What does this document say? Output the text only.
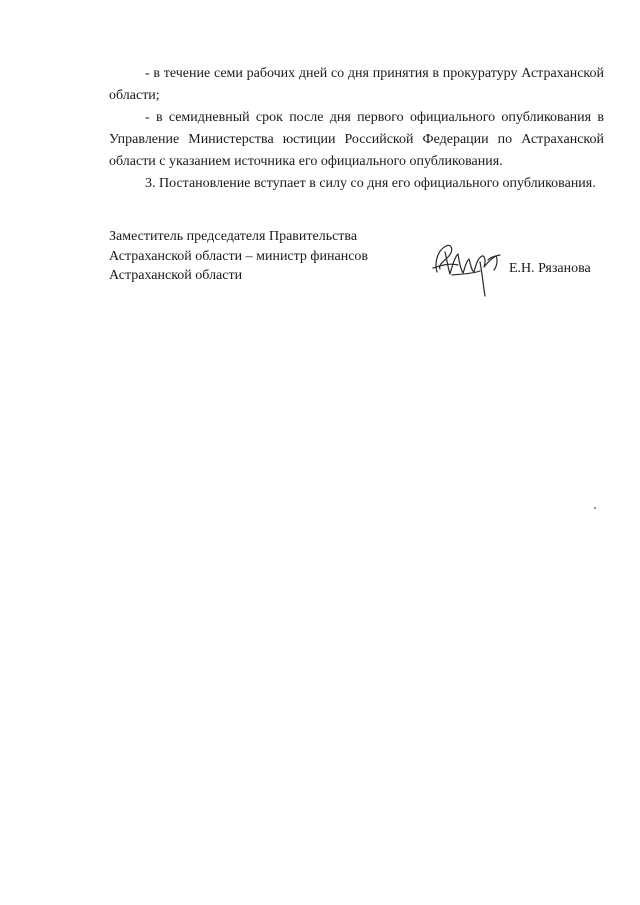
- в течение семи рабочих дней со дня принятия в прокуратуру Астраханской области;

- в семидневный срок после дня первого официального опубликования в Управление Министерства юстиции Российской Федерации по Астраханской области с указанием источника его официального опубликования.

3. Постановление вступает в силу со дня его официального опубликования.

Заместитель председателя Правительства
Астраханской области – министр финансов
Астраханской области	Е.Н. Рязанова
